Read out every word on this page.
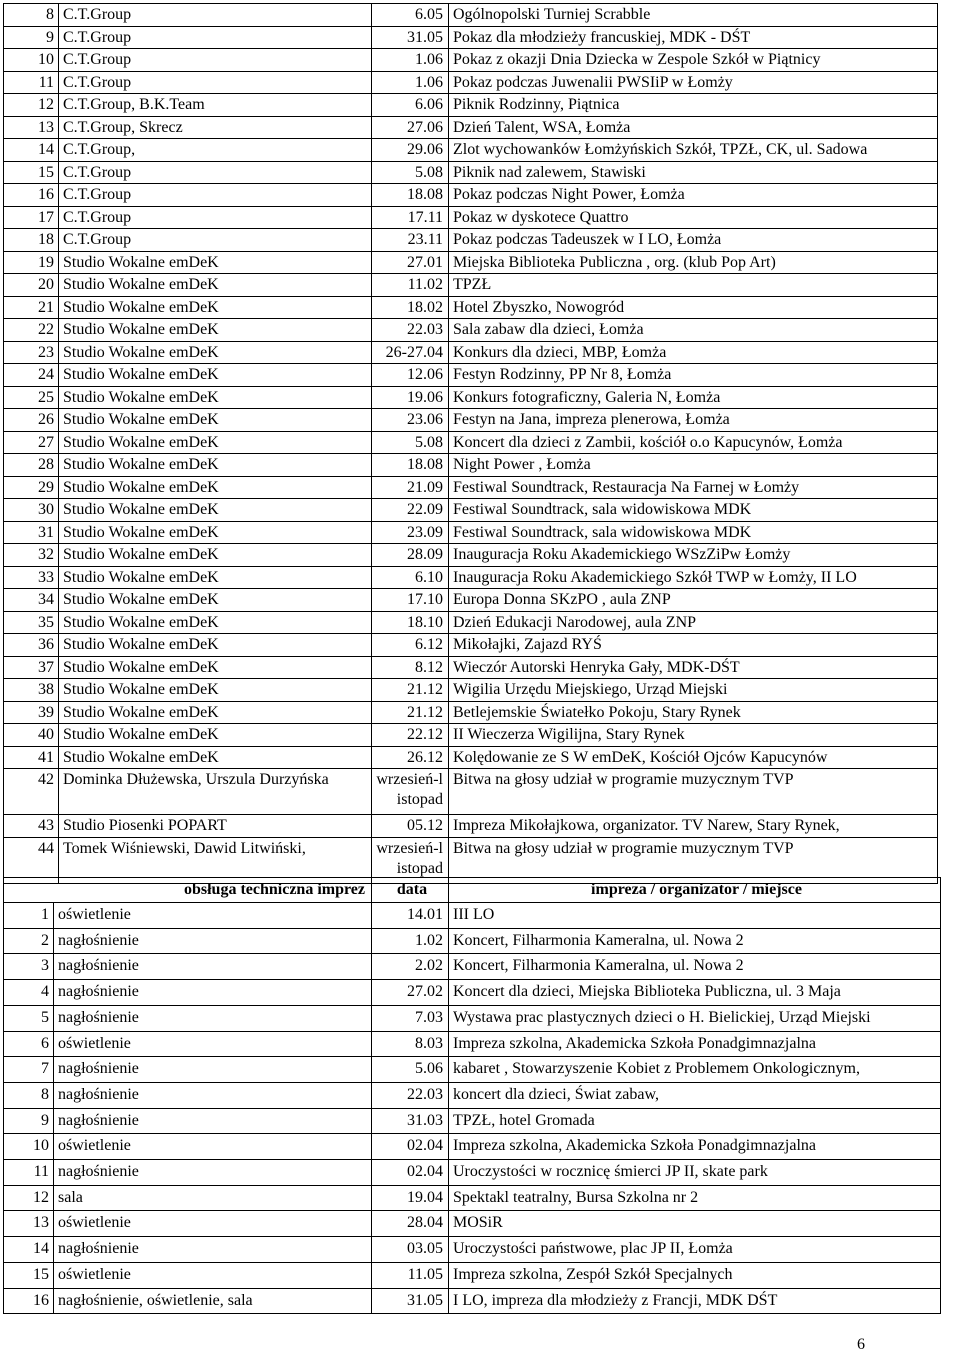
8	C.T.Group	6.05	Ogólnopolski Turniej Scrabble
9	C.T.Group	31.05	Pokaz dla młodzieży francuskiej, MDK - DŚT
10	C.T.Group	1.06	Pokaz z okazji Dnia Dziecka w Zespole Szkół w Piątnicy
11	C.T.Group	1.06	Pokaz podczas Juwenalii PWSIiP w Łomży
12	C.T.Group, B.K.Team	6.06	Piknik Rodzinny, Piątnica
13	C.T.Group, Skrecz	27.06	Dzień Talent, WSA, Łomża
14	C.T.Group,	29.06	Zlot wychowanków Łomżyńskich Szkół, TPZŁ, CK, ul. Sadowa
15	C.T.Group	5.08	Piknik nad zalewem, Stawiski
16	C.T.Group	18.08	Pokaz podczas Night Power, Łomża
17	C.T.Group	17.11	Pokaz w dyskotece Quattro
18	C.T.Group	23.11	Pokaz podczas Tadeuszek w I LO, Łomża
19	Studio Wokalne emDeK	27.01	Miejska Biblioteka Publiczna , org. (klub Pop Art)
20	Studio Wokalne emDeK	11.02	TPZŁ
21	Studio Wokalne emDeK	18.02	Hotel Zbyszko, Nowogród
22	Studio Wokalne emDeK	22.03	Sala zabaw dla dzieci, Łomża
23	Studio Wokalne emDeK	26-27.04	Konkurs dla dzieci, MBP, Łomża
24	Studio Wokalne emDeK	12.06	Festyn Rodzinny, PP Nr 8, Łomża
25	Studio Wokalne emDeK	19.06	Konkurs fotograficzny, Galeria N, Łomża
26	Studio Wokalne emDeK	23.06	Festyn na Jana, impreza plenerowa, Łomża
27	Studio Wokalne emDeK	5.08	Koncert dla dzieci z Zambii, kościół o.o Kapucynów, Łomża
28	Studio Wokalne emDeK	18.08	Night Power , Łomża
29	Studio Wokalne emDeK	21.09	Festiwal Soundtrack, Restauracja Na Farnej w Łomży
30	Studio Wokalne emDeK	22.09	Festiwal Soundtrack, sala widowiskowa MDK
31	Studio Wokalne emDeK	23.09	Festiwal Soundtrack, sala widowiskowa MDK
32	Studio Wokalne emDeK	28.09	Inauguracja Roku Akademickiego WSzZiPw Łomży
33	Studio Wokalne emDeK	6.10	Inauguracja Roku Akademickiego Szkół TWP w Łomży, II LO
34	Studio Wokalne emDeK	17.10	Europa Donna SKzPO , aula ZNP
35	Studio Wokalne emDeK	18.10	Dzień Edukacji Narodowej, aula ZNP
36	Studio Wokalne emDeK	6.12	Mikołajki, Zajazd RYŚ
37	Studio Wokalne emDeK	8.12	Wieczór Autorski Henryka Gały, MDK-DŚT
38	Studio Wokalne emDeK	21.12	Wigilia Urzędu Miejskiego, Urząd Miejski
39	Studio Wokalne emDeK	21.12	Betlejemskie Światełko Pokoju, Stary Rynek
40	Studio Wokalne emDeK	22.12	II Wieczerza Wigilijna, Stary Rynek
41	Studio Wokalne emDeK	26.12	Kolędowanie ze S W emDeK, Kościół Ojców Kapucynów
42	Dominka Dłużewska, Urszula Durzyńska	wrzesień-l istopad	Bitwa na głosy udział w programie muzycznym TVP
43	Studio Piosenki POPART	05.12	Impreza Mikołajkowa, organizator. TV Narew, Stary Rynek,
44	Tomek Wiśniewski, Dawid Litwiński,	wrzesień-l istopad	Bitwa na głosy udział w programie muzycznym TVP
obsługa techniczna imprez		data	impreza / organizator / miejsce
1	oświetlenie	14.01	III LO
2	nagłośnienie	1.02	Koncert, Filharmonia Kameralna, ul. Nowa 2
3	nagłośnienie	2.02	Koncert, Filharmonia Kameralna, ul. Nowa 2
4	nagłośnienie	27.02	Koncert dla dzieci, Miejska Biblioteka Publiczna, ul. 3 Maja
5	nagłośnienie	7.03	Wystawa prac plastycznych dzieci o H. Bielickiej, Urząd Miejski
6	oświetlenie	8.03	Impreza szkolna, Akademicka Szkoła Ponadgimnazjalna
7	nagłośnienie	5.06	kabaret , Stowarzyszenie Kobiet z Problemem Onkologicznym,
8	nagłośnienie	22.03	koncert dla dzieci, Świat zabaw,
9	nagłośnienie	31.03	TPZŁ, hotel Gromada
10	oświetlenie	02.04	Impreza szkolna, Akademicka Szkoła Ponadgimnazjalna
11	nagłośnienie	02.04	Uroczystości w rocznicę śmierci JP II, skate park
12	sala	19.04	Spektakl teatralny, Bursa Szkolna nr 2
13	oświetlenie	28.04	MOSiR
14	nagłośnienie	03.05	Uroczystości państwowe, plac JP II, Łomża
15	oświetlenie	11.05	Impreza szkolna, Zespół Szkół Specjalnych
16	nagłośnienie, oświetlenie, sala	31.05	I LO, impreza dla młodzieży z Francji, MDK DŚT
6
